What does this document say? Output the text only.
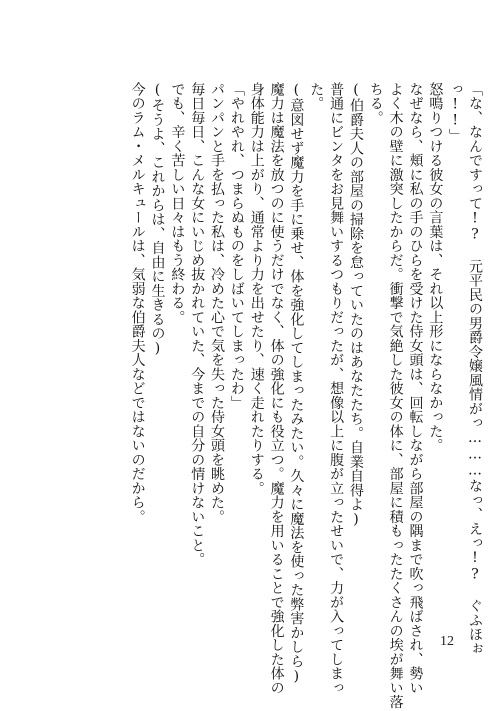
「な、なんですって!? 元平民の男爵令嬢風情がっ………なっ、えっ!? ぐふほぉ
っ!!」
怒鳴りつける彼女の言葉は、それ以上形にならなかった。
なぜなら、頬に私の手のひらを受けた侍女頭は、回転しながら部屋の隅まで吹っ飛ばされ、勢い
よく木の壁に激突したからだ。衝撃で気絶した彼女の体に、部屋に積もったたくさんの埃が舞い落
ちる。
(伯爵夫人の部屋の掃除を怠っていたのはあなたたち。自業自得よ)
普通にビンタをお見舞いするつもりだったが、想像以上に腹が立ったせいで、力が入ってしまっ
た。
(意図せず魔力を手に乗せ、体を強化してしまったみたい。久々に魔法を使った弊害かしら)
魔力は魔法を放つのに使うだけでなく、体の強化にも役立つ。魔力を用いることで強化した体の
身体能力は上がり、通常より力を出せたり、速く走れたりする。
「やれやれ、つまらぬものをしばいてしまったわ」
パンパンと手を払った私は、冷めた心で気を失った侍女頭を眺めた。
毎日毎日、こんな女にいじめ抜かれていた、今までの自分の情けないこと。
でも、辛く苦しい日々はもう終わる。
(そうよ、これからは、自由に生きるの)
今のラム・メルキュールは、気弱な伯爵夫人などではないのだから。
12
